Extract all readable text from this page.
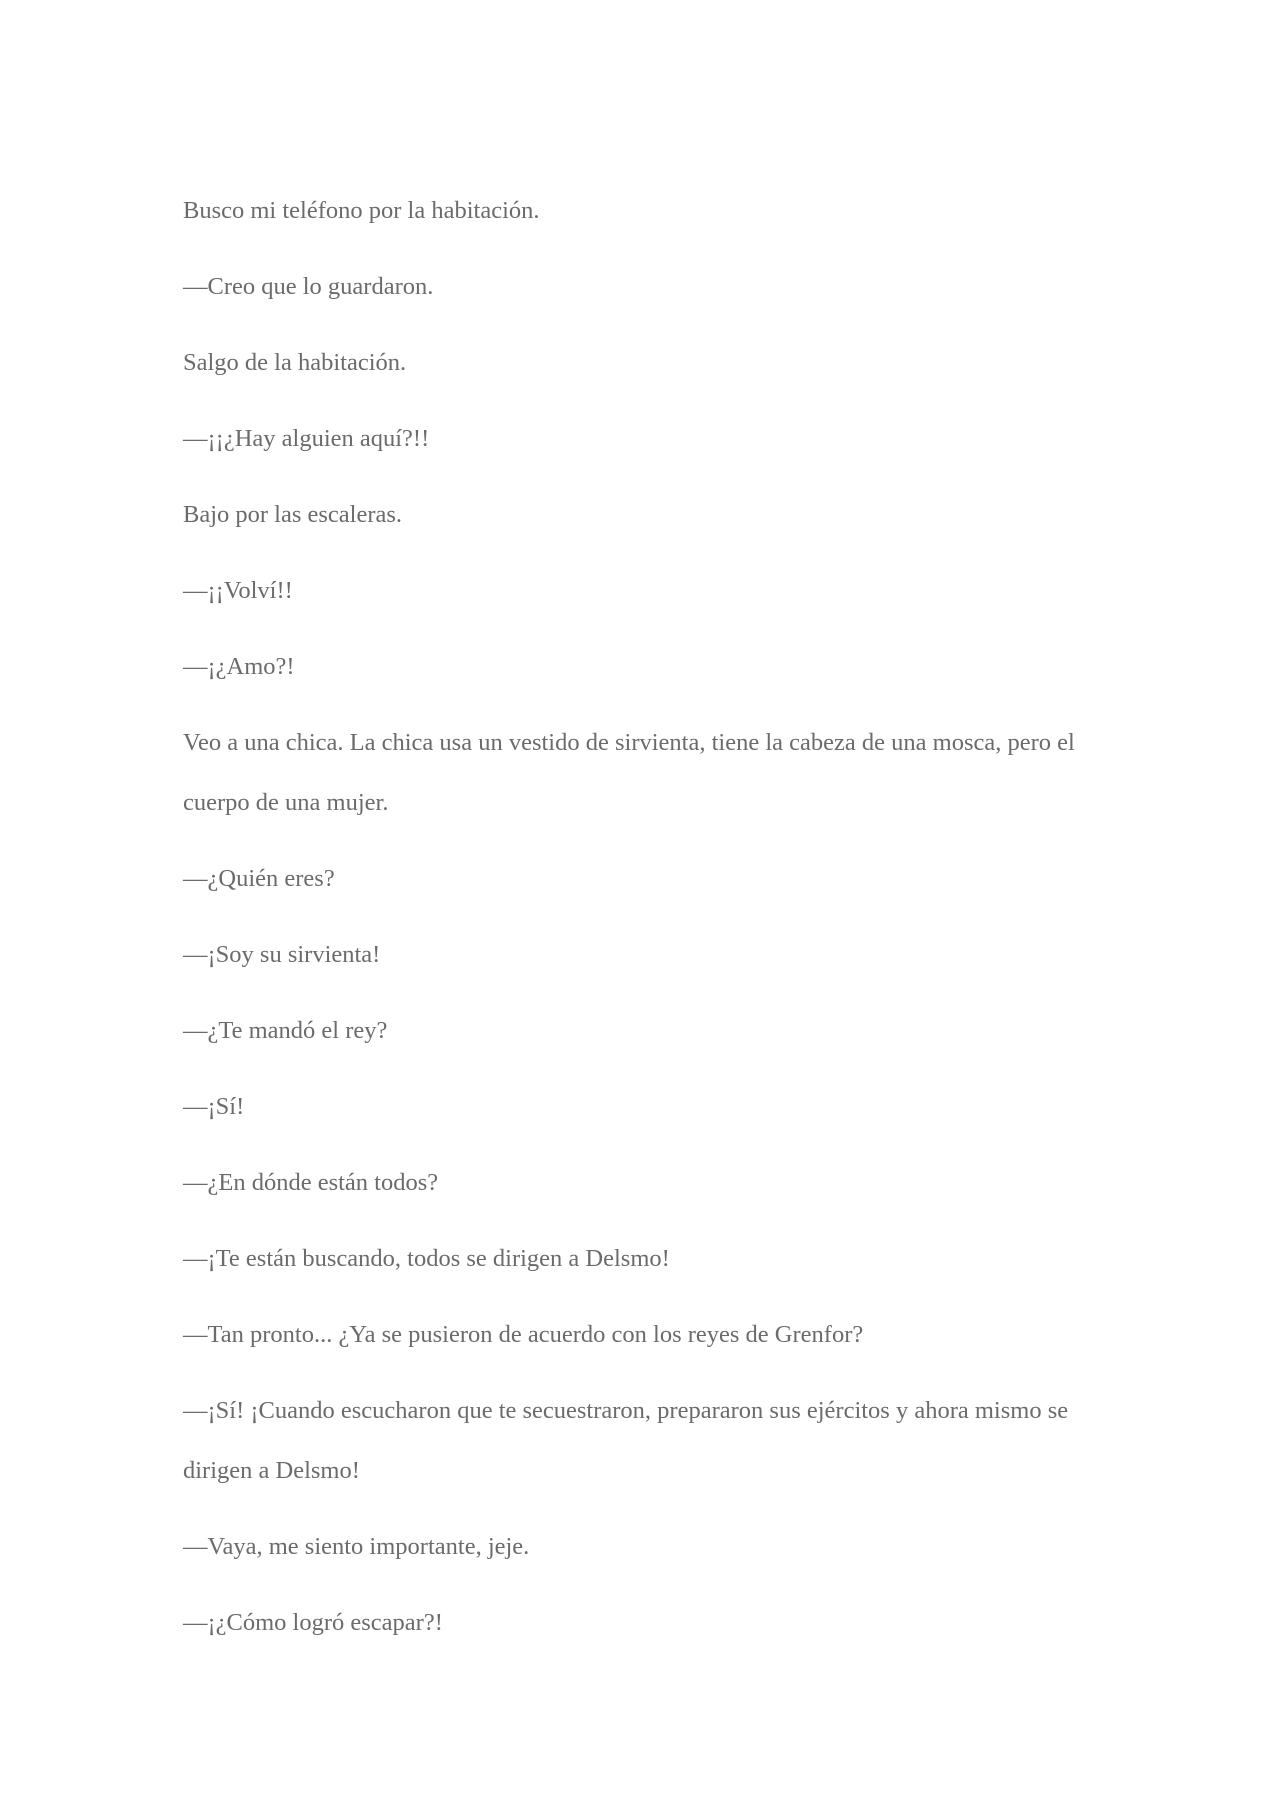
Busco mi teléfono por la habitación.

—Creo que lo guardaron.

Salgo de la habitación.

—¡¡¿Hay alguien aquí?!!

Bajo por las escaleras.

—¡¡Volví!!

—¡¿Amo?!

Veo a una chica. La chica usa un vestido de sirvienta, tiene la cabeza de una mosca, pero el cuerpo de una mujer.

—¿Quién eres?

—¡Soy su sirvienta!

—¿Te mandó el rey?

—¡Sí!

—¿En dónde están todos?

—¡Te están buscando, todos se dirigen a Delsmo!

—Tan pronto... ¿Ya se pusieron de acuerdo con los reyes de Grenfor?

—¡Sí! ¡Cuando escucharon que te secuestraron, prepararon sus ejércitos y ahora mismo se dirigen a Delsmo!

—Vaya, me siento importante, jeje.

—¡¿Cómo logró escapar?!
